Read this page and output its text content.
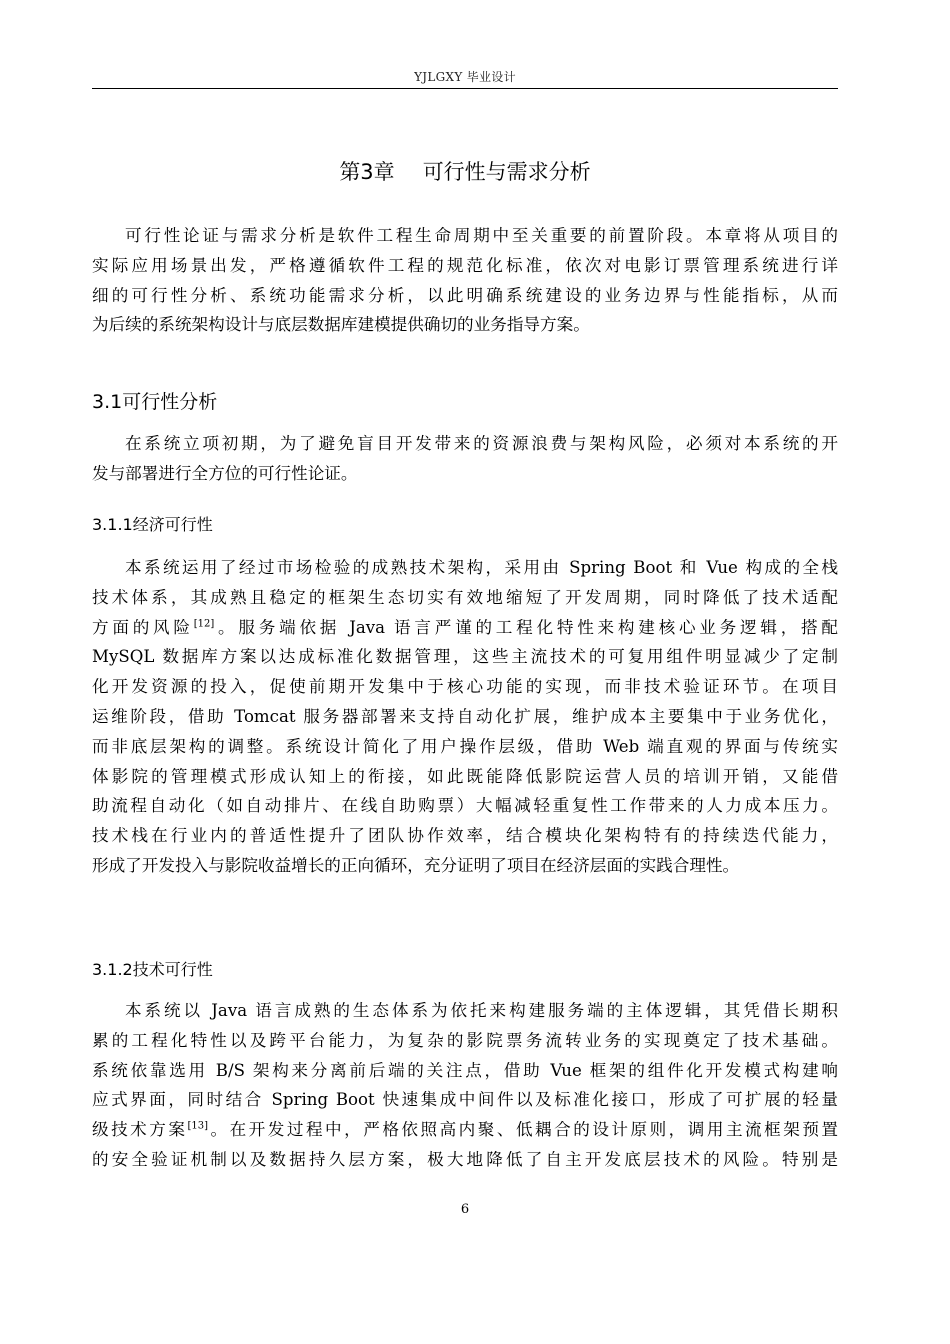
YJLGXY 毕业设计
第3章 可行性与需求分析

可行性论证与需求分析是软件工程生命周期中至关重要的前置阶段。本章将从项目的
实际应用场景出发，严格遵循软件工程的规范化标准，依次对电影订票管理系统进行详
细的可行性分析、系统功能需求分析，以此明确系统建设的业务边界与性能指标，从而
为后续的系统架构设计与底层数据库建模提供确切的业务指导方案。

3.1可行性分析

在系统立项初期，为了避免盲目开发带来的资源浪费与架构风险，必须对本系统的开
发与部署进行全方位的可行性论证。

3.1.1经济可行性

本系统运用了经过市场检验的成熟技术架构，采用由 Spring Boot 和 Vue 构成的全栈
技术体系，其成熟且稳定的框架生态切实有效地缩短了开发周期，同时降低了技术适配
方面的风险[12]。服务端依据 Java 语言严谨的工程化特性来构建核心业务逻辑，搭配
MySQL 数据库方案以达成标准化数据管理，这些主流技术的可复用组件明显减少了定制
化开发资源的投入，促使前期开发集中于核心功能的实现，而非技术验证环节。在项目
运维阶段，借助 Tomcat 服务器部署来支持自动化扩展，维护成本主要集中于业务优化，
而非底层架构的调整。系统设计简化了用户操作层级，借助 Web 端直观的界面与传统实
体影院的管理模式形成认知上的衔接，如此既能降低影院运营人员的培训开销，又能借
助流程自动化（如自动排片、在线自助购票）大幅减轻重复性工作带来的人力成本压力。
技术栈在行业内的普适性提升了团队协作效率，结合模块化架构特有的持续迭代能力，
形成了开发投入与影院收益增长的正向循环，充分证明了项目在经济层面的实践合理性。

3.1.2技术可行性

本系统以 Java 语言成熟的生态体系为依托来构建服务端的主体逻辑，其凭借长期积
累的工程化特性以及跨平台能力，为复杂的影院票务流转业务的实现奠定了技术基础。
系统依靠选用 B/S 架构来分离前后端的关注点，借助 Vue 框架的组件化开发模式构建响
应式界面，同时结合 Spring Boot 快速集成中间件以及标准化接口，形成了可扩展的轻量
级技术方案[13]。在开发过程中，严格依照高内聚、低耦合的设计原则，调用主流框架预置
的安全验证机制以及数据持久层方案，极大地降低了自主开发底层技术的风险。特别是

6
